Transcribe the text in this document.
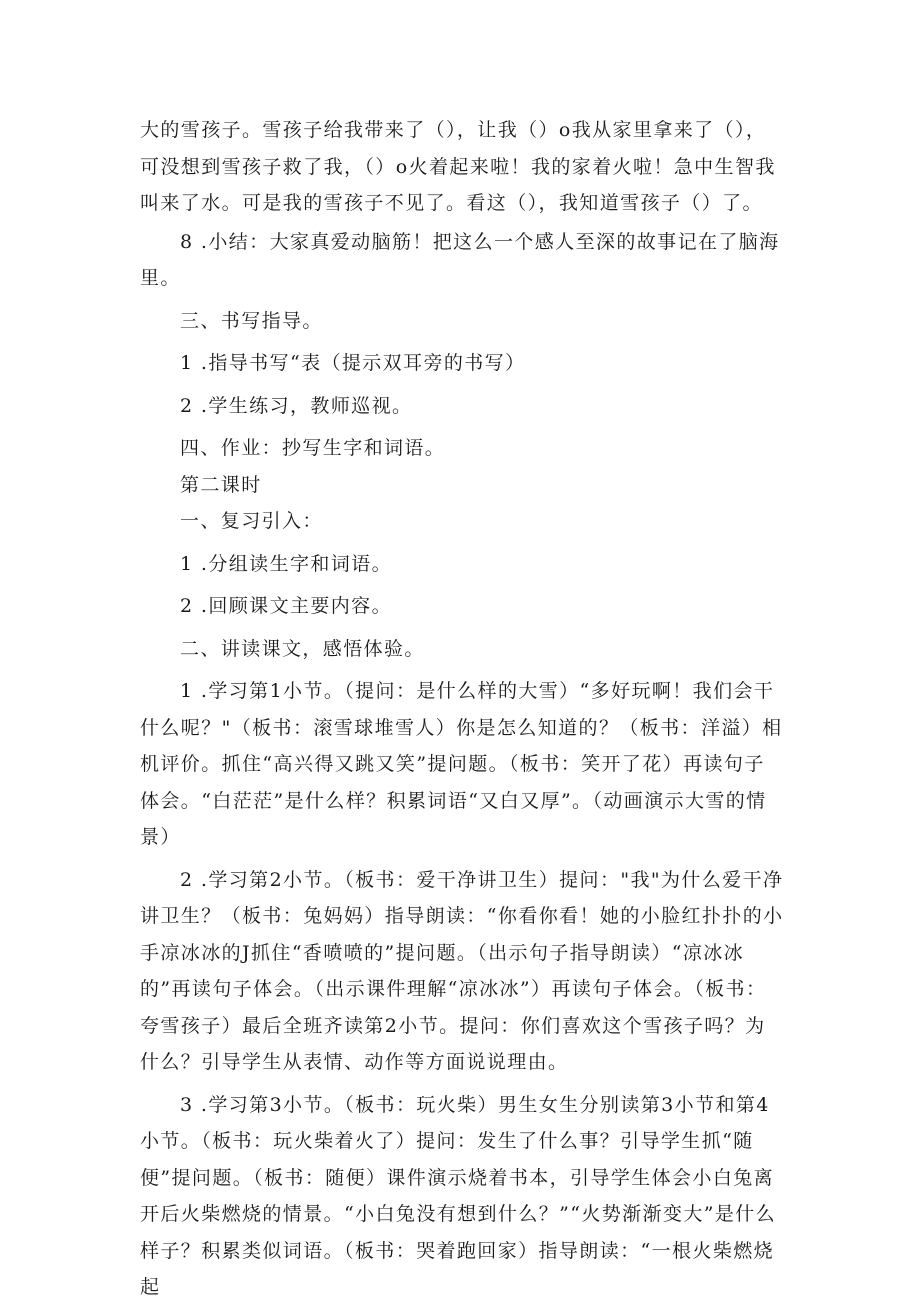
大的雪孩子。雪孩子给我带来了（），让我（）o我从家里拿来了（），可没想到雪孩子救了我，（）o火着起来啦！我的家着火啦！急中生智我叫来了水。可是我的雪孩子不见了。看这（），我知道雪孩子（）了。

8 .小结：大家真爱动脑筋！把这么一个感人至深的故事记在了脑海里。

三、书写指导。

1 .指导书写“表（提示双耳旁的书写）

2 .学生练习，教师巡视。

四、作业：抄写生字和词语。

第二课时

一、复习引入：

1 .分组读生字和词语。

2 .回顾课文主要内容。

二、讲读课文，感悟体验。

1 .学习第1小节。（提问：是什么样的大雪）“多好玩啊！我们会干什么呢？"（板书：滚雪球堆雪人）你是怎么知道的？（板书：洋溢）相机评价。抓住“高兴得又跳又笑”提问题。（板书：笑开了花）再读句子体会。“白茫茫”是什么样？积累词语“又白又厚”。（动画演示大雪的情景）

2 .学习第2小节。（板书：爱干净讲卫生）提问："我"为什么爱干净讲卫生？（板书：兔妈妈）指导朗读：“你看你看！她的小脸红扑扑的小手凉冰冰的J抓住“香喷喷的”提问题。（出示句子指导朗读）“凉冰冰的”再读句子体会。（出示课件理解“凉冰冰”）再读句子体会。（板书：夸雪孩子）最后全班齐读第2小节。提问：你们喜欢这个雪孩子吗？为什么？引导学生从表情、动作等方面说说理由。

3 .学习第3小节。（板书：玩火柴）男生女生分别读第3小节和第4小节。（板书：玩火柴着火了）提问：发生了什么事？引导学生抓“随便”提问题。（板书：随便）课件演示烧着书本，引导学生体会小白兔离开后火柴燃烧的情景。“小白兔没有想到什么？”“火势渐渐变大”是什么样子？积累类似词语。（板书：哭着跑回家）指导朗读：“一根火柴燃烧起
